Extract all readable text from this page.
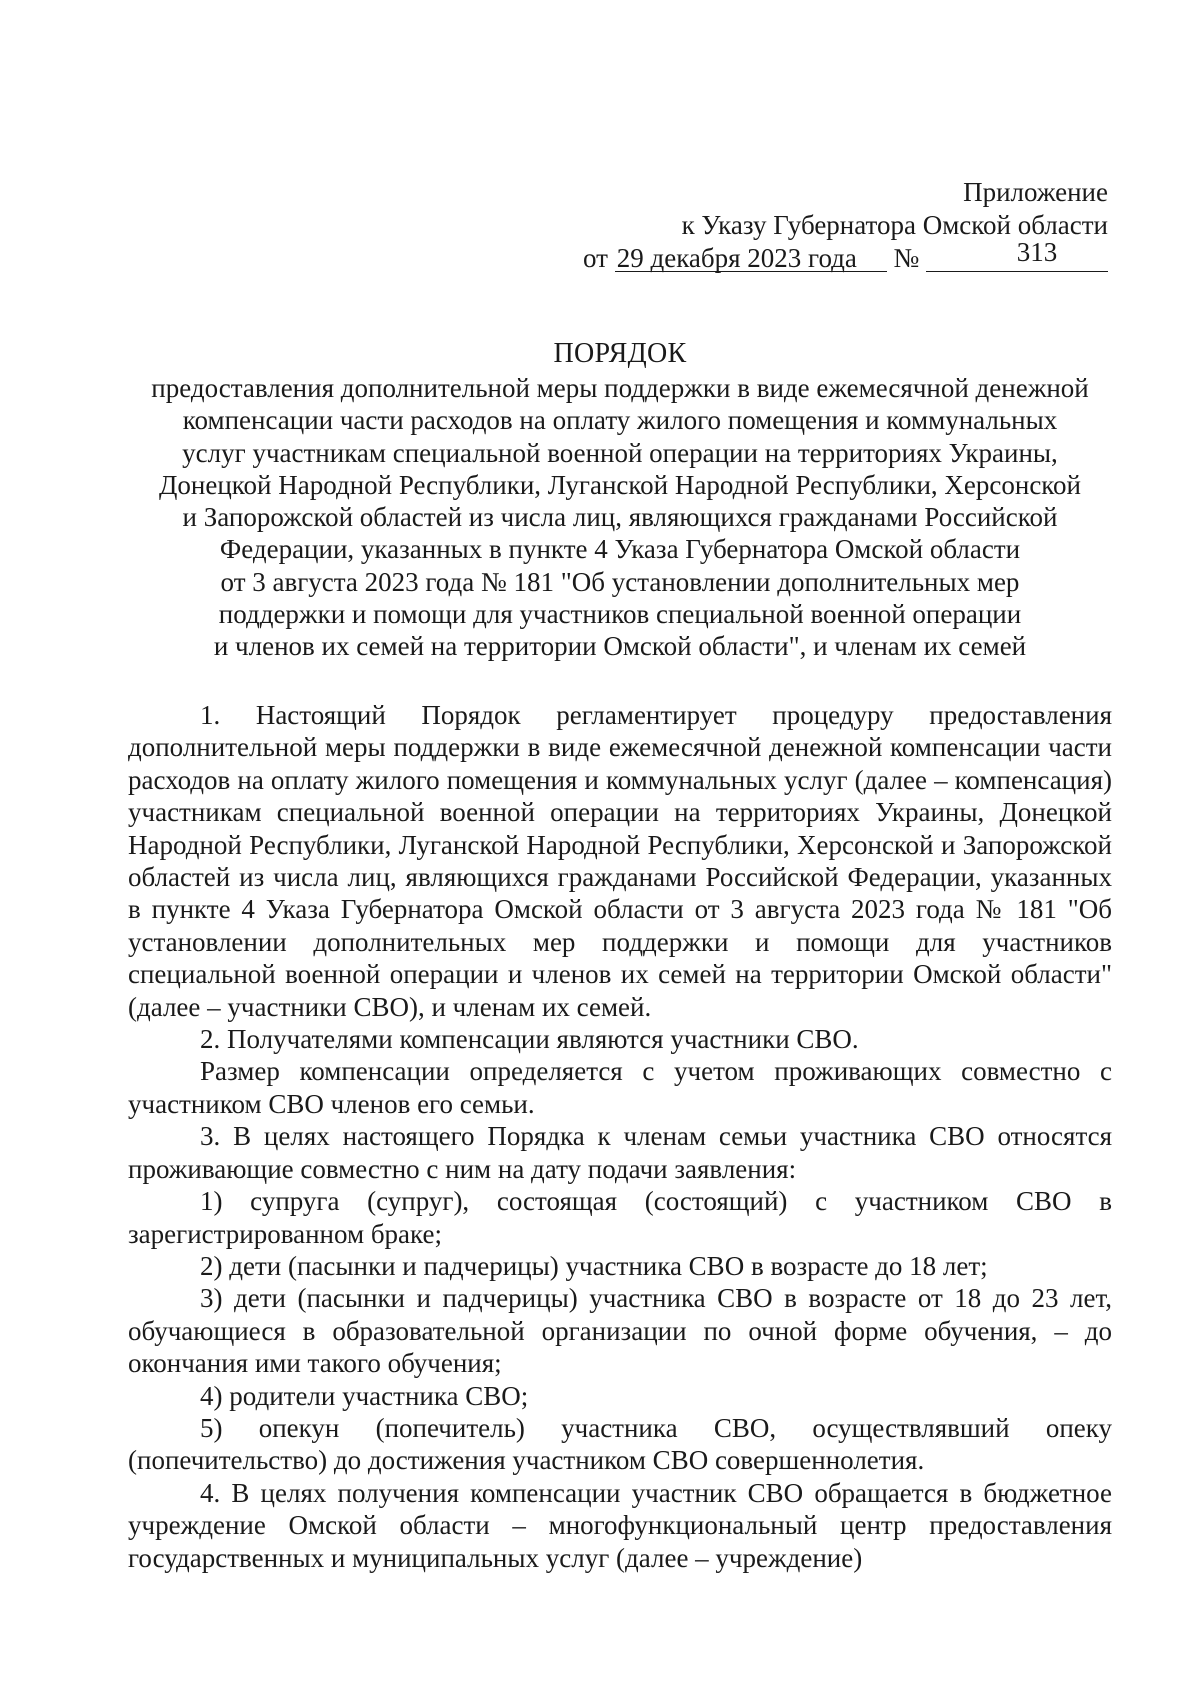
Приложение
к Указу Губернатора Омской области
от 29 декабря 2023 года №	313
ПОРЯДОК
предоставления дополнительной меры поддержки в виде ежемесячной денежной
компенсации части расходов на оплату жилого помещения и коммунальных
услуг участникам специальной военной операции на территориях Украины,
Донецкой Народной Республики, Луганской Народной Республики, Херсонской
и Запорожской областей из числа лиц, являющихся гражданами Российской
Федерации, указанных в пункте 4 Указа Губернатора Омской области
от 3 августа 2023 года № 181 "Об установлении дополнительных мер
поддержки и помощи для участников специальной военной операции
и членов их семей на территории Омской области", и членам их семей

1. Настоящий Порядок регламентирует процедуру предоставления дополнительной меры поддержки в виде ежемесячной денежной компенсации части расходов на оплату жилого помещения и коммунальных услуг (далее – компенсация) участникам специальной военной операции на территориях Украины, Донецкой Народной Республики, Луганской Народной Республики, Херсонской и Запорожской областей из числа лиц, являющихся гражданами Российской Федерации, указанных в пункте 4 Указа Губернатора Омской области от 3 августа 2023 года № 181 "Об установлении дополнительных мер поддержки и помощи для участников специальной военной операции и членов их семей на территории Омской области" (далее – участники СВО), и членам их семей.

2. Получателями компенсации являются участники СВО.

Размер компенсации определяется с учетом проживающих совместно с участником СВО членов его семьи.

3. В целях настоящего Порядка к членам семьи участника СВО относятся проживающие совместно с ним на дату подачи заявления:

1) супруга (супруг), состоящая (состоящий) с участником СВО в зарегистрированном браке;

2) дети (пасынки и падчерицы) участника СВО в возрасте до 18 лет;

3) дети (пасынки и падчерицы) участника СВО в возрасте от 18 до 23 лет, обучающиеся в образовательной организации по очной форме обучения, – до окончания ими такого обучения;

4) родители участника СВО;

5) опекун (попечитель) участника СВО, осуществлявший опеку (попечительство) до достижения участником СВО совершеннолетия.

4. В целях получения компенсации участник СВО обращается в бюджетное учреждение Омской области – многофункциональный центр предоставления государственных и муниципальных услуг (далее – учреждение)
